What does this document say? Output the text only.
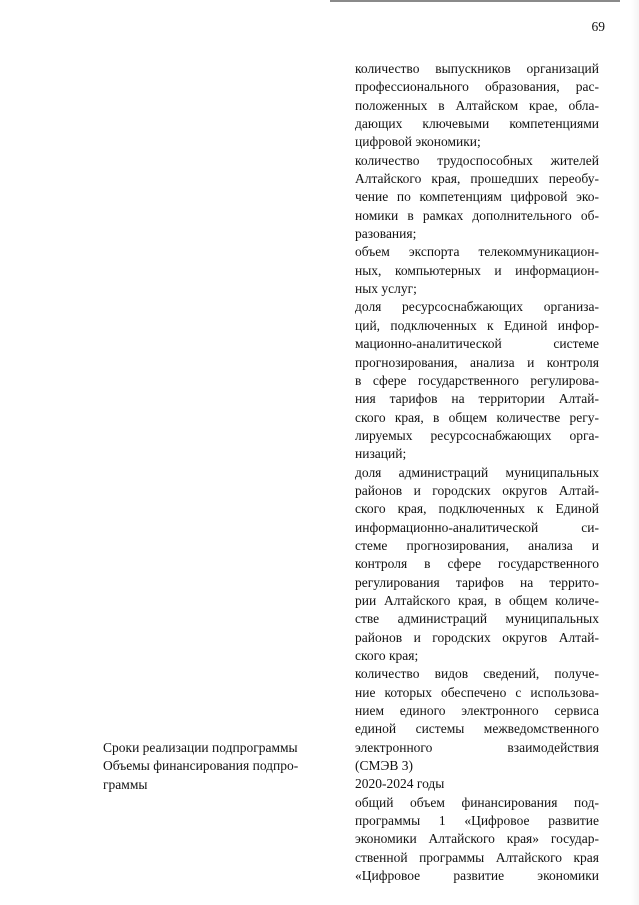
69
количество выпускников организаций
профессионального образования, рас-
положенных в Алтайском крае, обла-
дающих ключевыми компетенциями
цифровой экономики;
количество трудоспособных жителей
Алтайского края, прошедших переобу-
чение по компетенциям цифровой эко-
номики в рамках дополнительного об-
разования;
объем экспорта телекоммуникацион-
ных, компьютерных и информацион-
ных услуг;
доля ресурсоснабжающих организа-
ций, подключенных к Единой инфор-
мационно-аналитической системе
прогнозирования, анализа и контроля
в сфере государственного регулирова-
ния тарифов на территории Алтай-
ского края, в общем количестве регу-
лируемых ресурсоснабжающих орга-
низаций;
доля администраций муниципальных
районов и городских округов Алтай-
ского края, подключенных к Единой
информационно-аналитической си-
стеме прогнозирования, анализа и
контроля в сфере государственного
регулирования тарифов на террито-
рии Алтайского края, в общем количе-
стве администраций муниципальных
районов и городских округов Алтай-
ского края;
количество видов сведений, получе-
ние которых обеспечено с использова-
нием единого электронного сервиса
единой системы межведомственного
электронного взаимодействия
(СМЭВ 3)
2020-2024 годы
общий объем финансирования под-
программы 1 «Цифровое развитие
экономики Алтайского края» государ-
ственной программы Алтайского края
«Цифровое развитие экономики
Сроки реализации подпрограммы
Объемы финансирования подпро-
граммы
